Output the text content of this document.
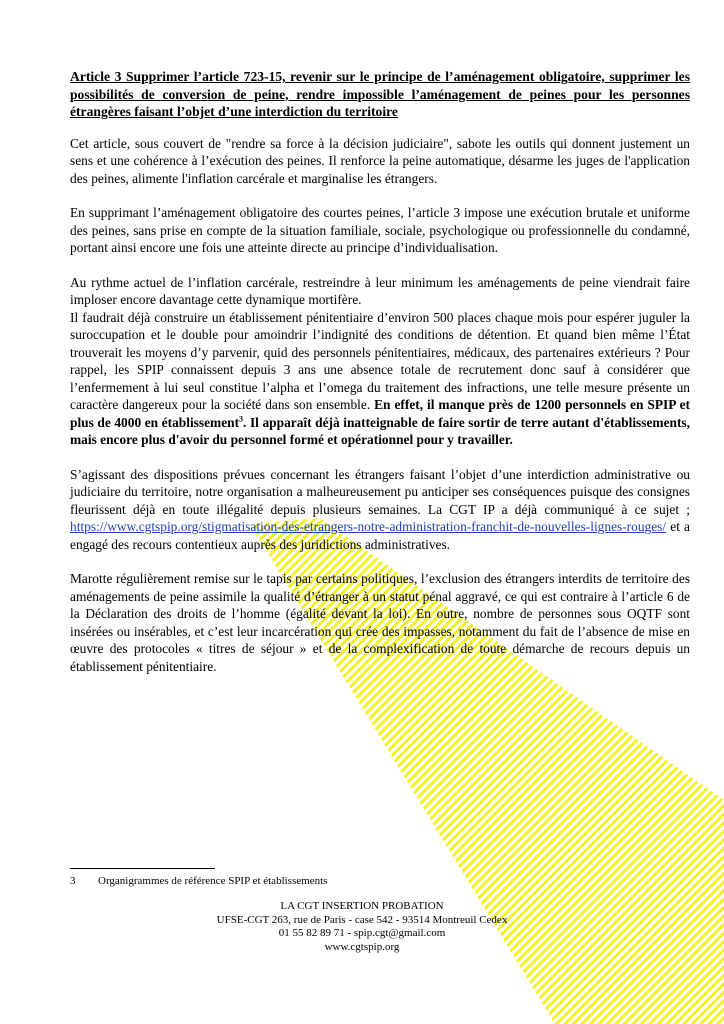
Article 3 Supprimer l’article 723-15, revenir sur le principe de l’aménagement obligatoire, supprimer les possibilités de conversion de peine, rendre impossible l’aménagement de peines pour les personnes étrangères faisant l’objet d’une interdiction du territoire

Cet article, sous couvert de "rendre sa force à la décision judiciaire", sabote les outils qui donnent justement un sens et une cohérence à l’exécution des peines. Il renforce la peine automatique, désarme les juges de l'application des peines, alimente l'inflation carcérale et marginalise les étrangers.

En supprimant l’aménagement obligatoire des courtes peines, l’article 3 impose une exécution brutale et uniforme des peines, sans prise en compte de la situation familiale, sociale, psychologique ou professionnelle du condamné, portant ainsi encore une fois une atteinte directe au principe d’individualisation.

Au rythme actuel de l’inflation carcérale, restreindre à leur minimum les aménagements de peine viendrait faire imploser encore davantage cette dynamique mortifère.

Il faudrait déjà construire un établissement pénitentiaire d’environ 500 places chaque mois pour espérer juguler la suroccupation et le double pour amoindrir l’indignité des conditions de détention. Et quand bien même l’État trouverait les moyens d’y parvenir, quid des personnels pénitentiaires, médicaux, des partenaires extérieurs ? Pour rappel, les SPIP connaissent depuis 3 ans une absence totale de recrutement donc sauf à considérer que l’enfermement à lui seul constitue l’alpha et l’omega du traitement des infractions, une telle mesure présente un caractère dangereux pour la société dans son ensemble. En effet, il manque près de 1200 personnels en SPIP et plus de 4000 en établissement$^3$. Il apparaît déjà inatteignable de faire sortir de terre autant d'établissements, mais encore plus d'avoir du personnel formé et opérationnel pour y travailler.

S’agissant des dispositions prévues concernant les étrangers faisant l’objet d’une interdiction administrative ou judiciaire du territoire, notre organisation a malheureusement pu anticiper ses conséquences puisque des consignes fleurissent déjà en toute illégalité depuis plusieurs semaines. La CGT IP a déjà communiqué à ce sujet ; https://www.cgtspip.org/stigmatisation-des-etrangers-notre-administration-franchit-de-nouvelles-lignes-rouges/ et a engagé des recours contentieux auprès des juridictions administratives.

Marotte régulièrement remise sur le tapis par certains politiques, l’exclusion des étrangers interdits de territoire des aménagements de peine assimile la qualité d’étranger à un statut pénal aggravé, ce qui est contraire à l’article 6 de la Déclaration des droits de l’homme (égalité devant la loi). En outre, nombre de personnes sous OQTF sont insérées ou insérables, et c’est leur incarcération qui crée des impasses, notamment du fait de l’absence de mise en œuvre des protocoles « titres de séjour » et de la complexification de toute démarche de recours depuis un établissement pénitentiaire.

3 Organigrammes de référence SPIP et établissements
LA CGT INSERTION PROBATION
UFSE-CGT 263, rue de Paris - case 542 - 93514 Montreuil Cedex
01 55 82 89 71 - spip.cgt@gmail.com
www.cgtspip.org
